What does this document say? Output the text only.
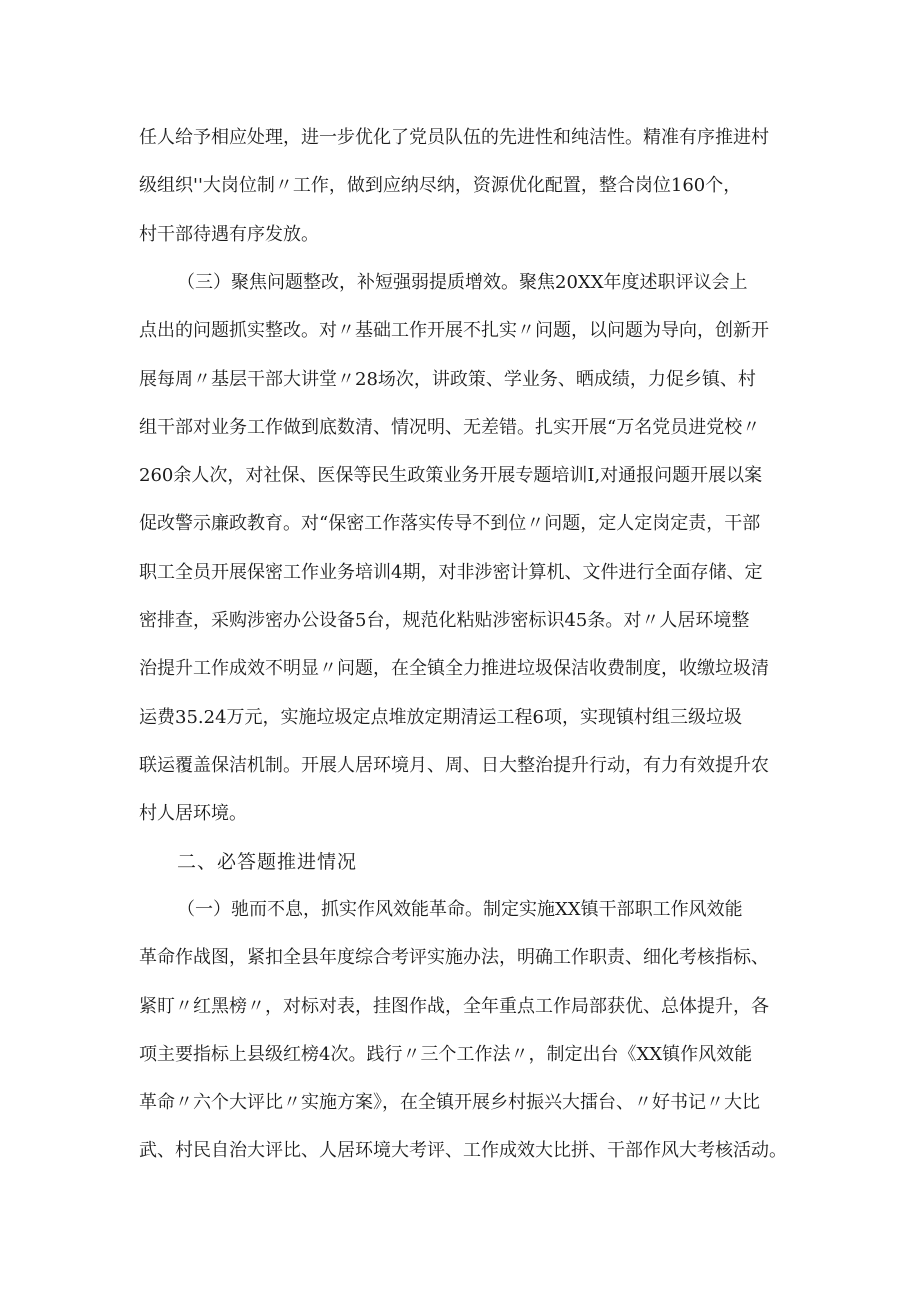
任人给予相应处理，进一步优化了党员队伍的先进性和纯洁性。精准有序推进村
级组织''大岗位制〃工作，做到应纳尽纳，资源优化配置，整合岗位160个，
村干部待遇有序发放。
（三）聚焦问题整改，补短强弱提质增效。聚焦20XX年度述职评议会上
点出的问题抓实整改。对〃基础工作开展不扎实〃问题，以问题为导向，创新开
展每周〃基层干部大讲堂〃28场次，讲政策、学业务、晒成绩，力促乡镇、村
组干部对业务工作做到底数清、情况明、无差错。扎实开展“万名党员进党校〃
260余人次，对社保、医保等民生政策业务开展专题培训I,对通报问题开展以案
促改警示廉政教育。对“保密工作落实传导不到位〃问题，定人定岗定责，干部
职工全员开展保密工作业务培训4期，对非涉密计算机、文件进行全面存储、定
密排查，采购涉密办公设备5台，规范化粘贴涉密标识45条。对〃人居环境整
治提升工作成效不明显〃问题，在全镇全力推进垃圾保洁收费制度，收缴垃圾清
运费35.24万元，实施垃圾定点堆放定期清运工程6项，实现镇村组三级垃圾
联运覆盖保洁机制。开展人居环境月、周、日大整治提升行动，有力有效提升农
村人居环境。
二、必答题推进情况
（一）驰而不息，抓实作风效能革命。制定实施XX镇干部职工作风效能
革命作战图，紧扣全县年度综合考评实施办法，明确工作职责、细化考核指标、
紧盯〃红黑榜〃，对标对表，挂图作战，全年重点工作局部获优、总体提升，各
项主要指标上县级红榜4次。践行〃三个工作法〃，制定出台《XX镇作风效能
革命〃六个大评比〃实施方案》，在全镇开展乡村振兴大擂台、〃好书记〃大比
武、村民自治大评比、人居环境大考评、工作成效大比拼、干部作风大考核活动。
